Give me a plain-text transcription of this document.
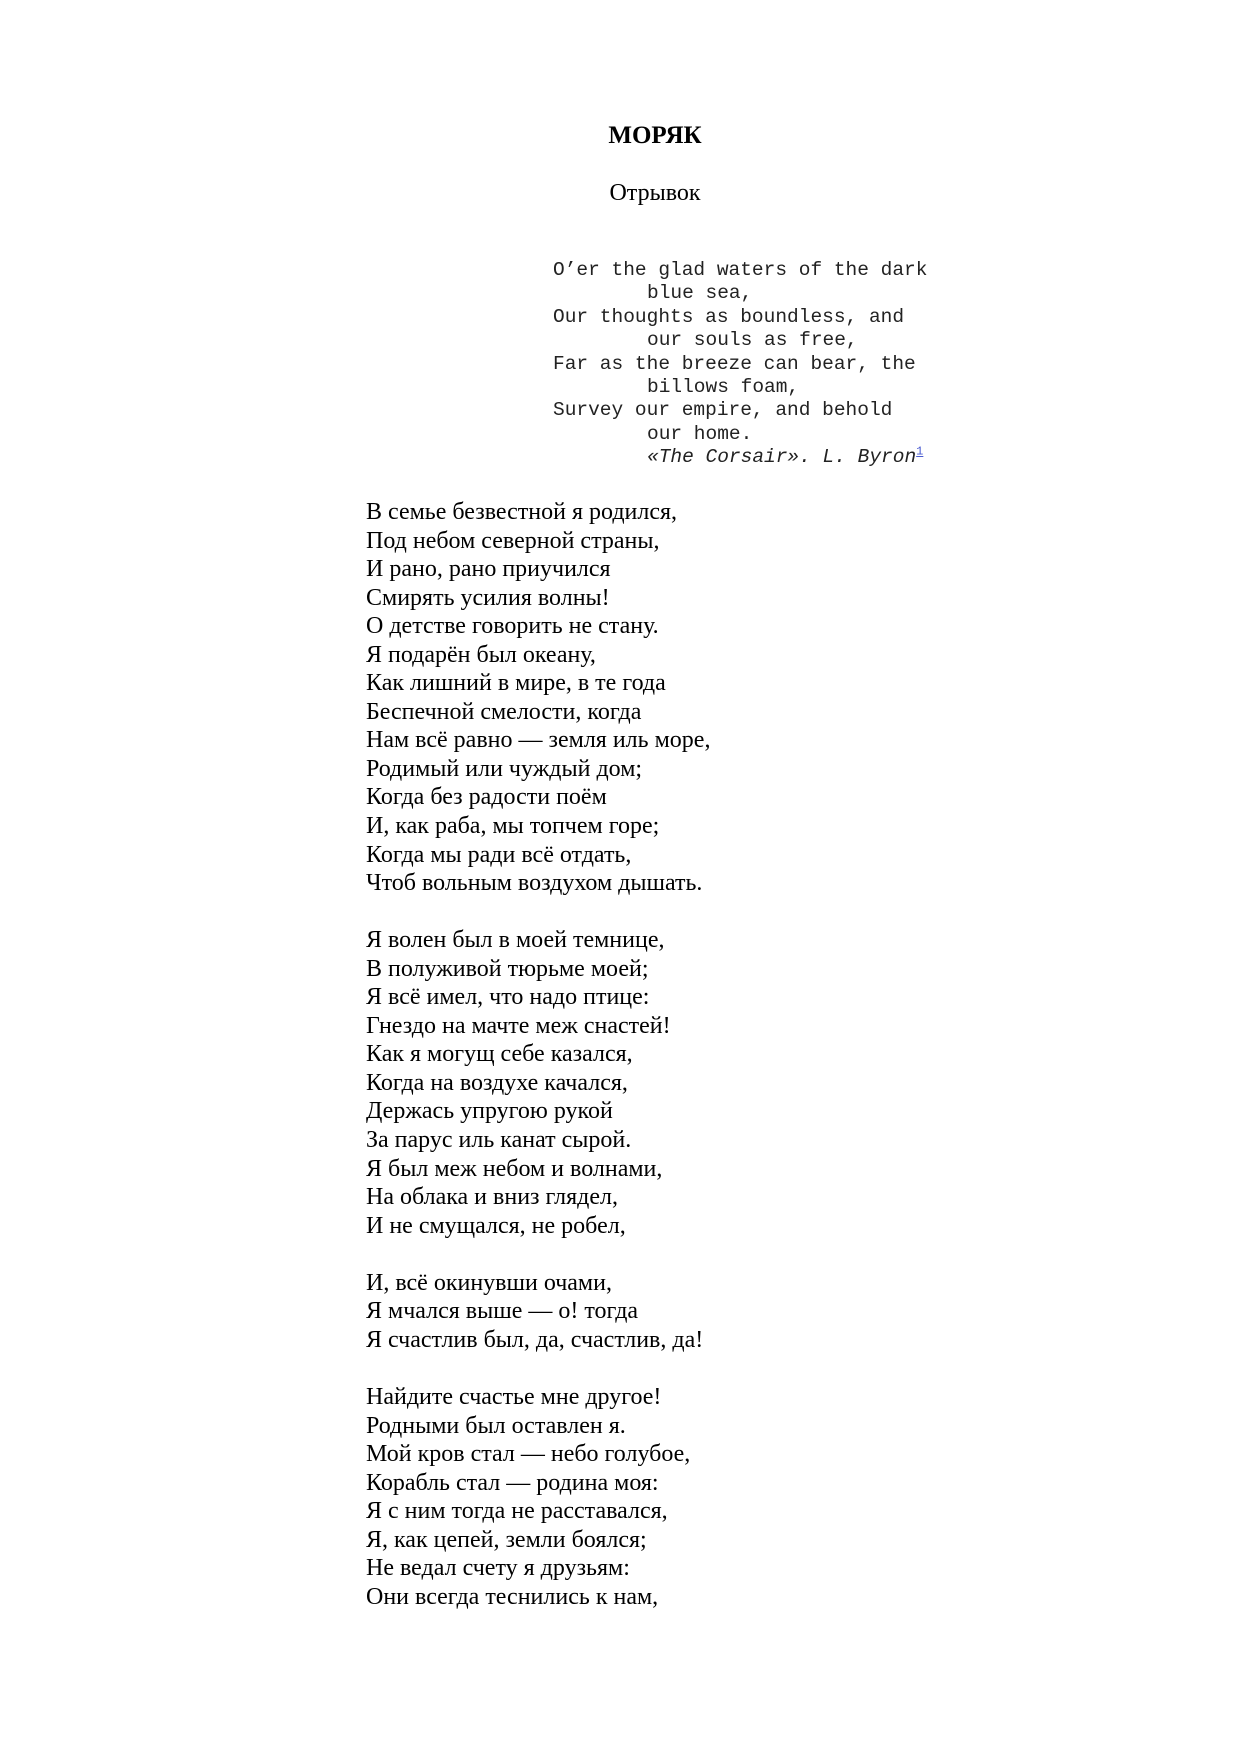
МОРЯК
Отрывок
O’er the glad waters of the dark
blue sea,
Our thoughts as boundless, and
our souls as free,
Far as the breeze can bear, the
billows foam,
Survey our empire, and behold
our home.
«The Corsair». L. Byron$^1$
В семье безвестной я родился,
Под небом северной страны,
И рано, рано приучился
Смирять усилия волны!
О детстве говорить не стану.
Я подарён был океану,
Как лишний в мире, в те года
Беспечной смелости, когда
Нам всё равно — земля иль море,
Родимый или чуждый дом;
Когда без радости поём
И, как раба, мы топчем горе;
Когда мы ради всё отдать,
Чтоб вольным воздухом дышать.
Я волен был в моей темнице,
В полуживой тюрьме моей;
Я всё имел, что надо птице:
Гнездо на мачте меж снастей!
Как я могущ себе казался,
Когда на воздухе качался,
Держась упругою рукой
За парус иль канат сырой.
Я был меж небом и волнами,
На облака и вниз глядел,
И не смущался, не робел,
И, всё окинувши очами,
Я мчался выше — о! тогда
Я счастлив был, да, счастлив, да!
Найдите счастье мне другое!
Родными был оставлен я.
Мой кров стал — небо голубое,
Корабль стал — родина моя:
Я с ним тогда не расставался,
Я, как цепей, земли боялся;
Не ведал счету я друзьям:
Они всегда теснились к нам,
